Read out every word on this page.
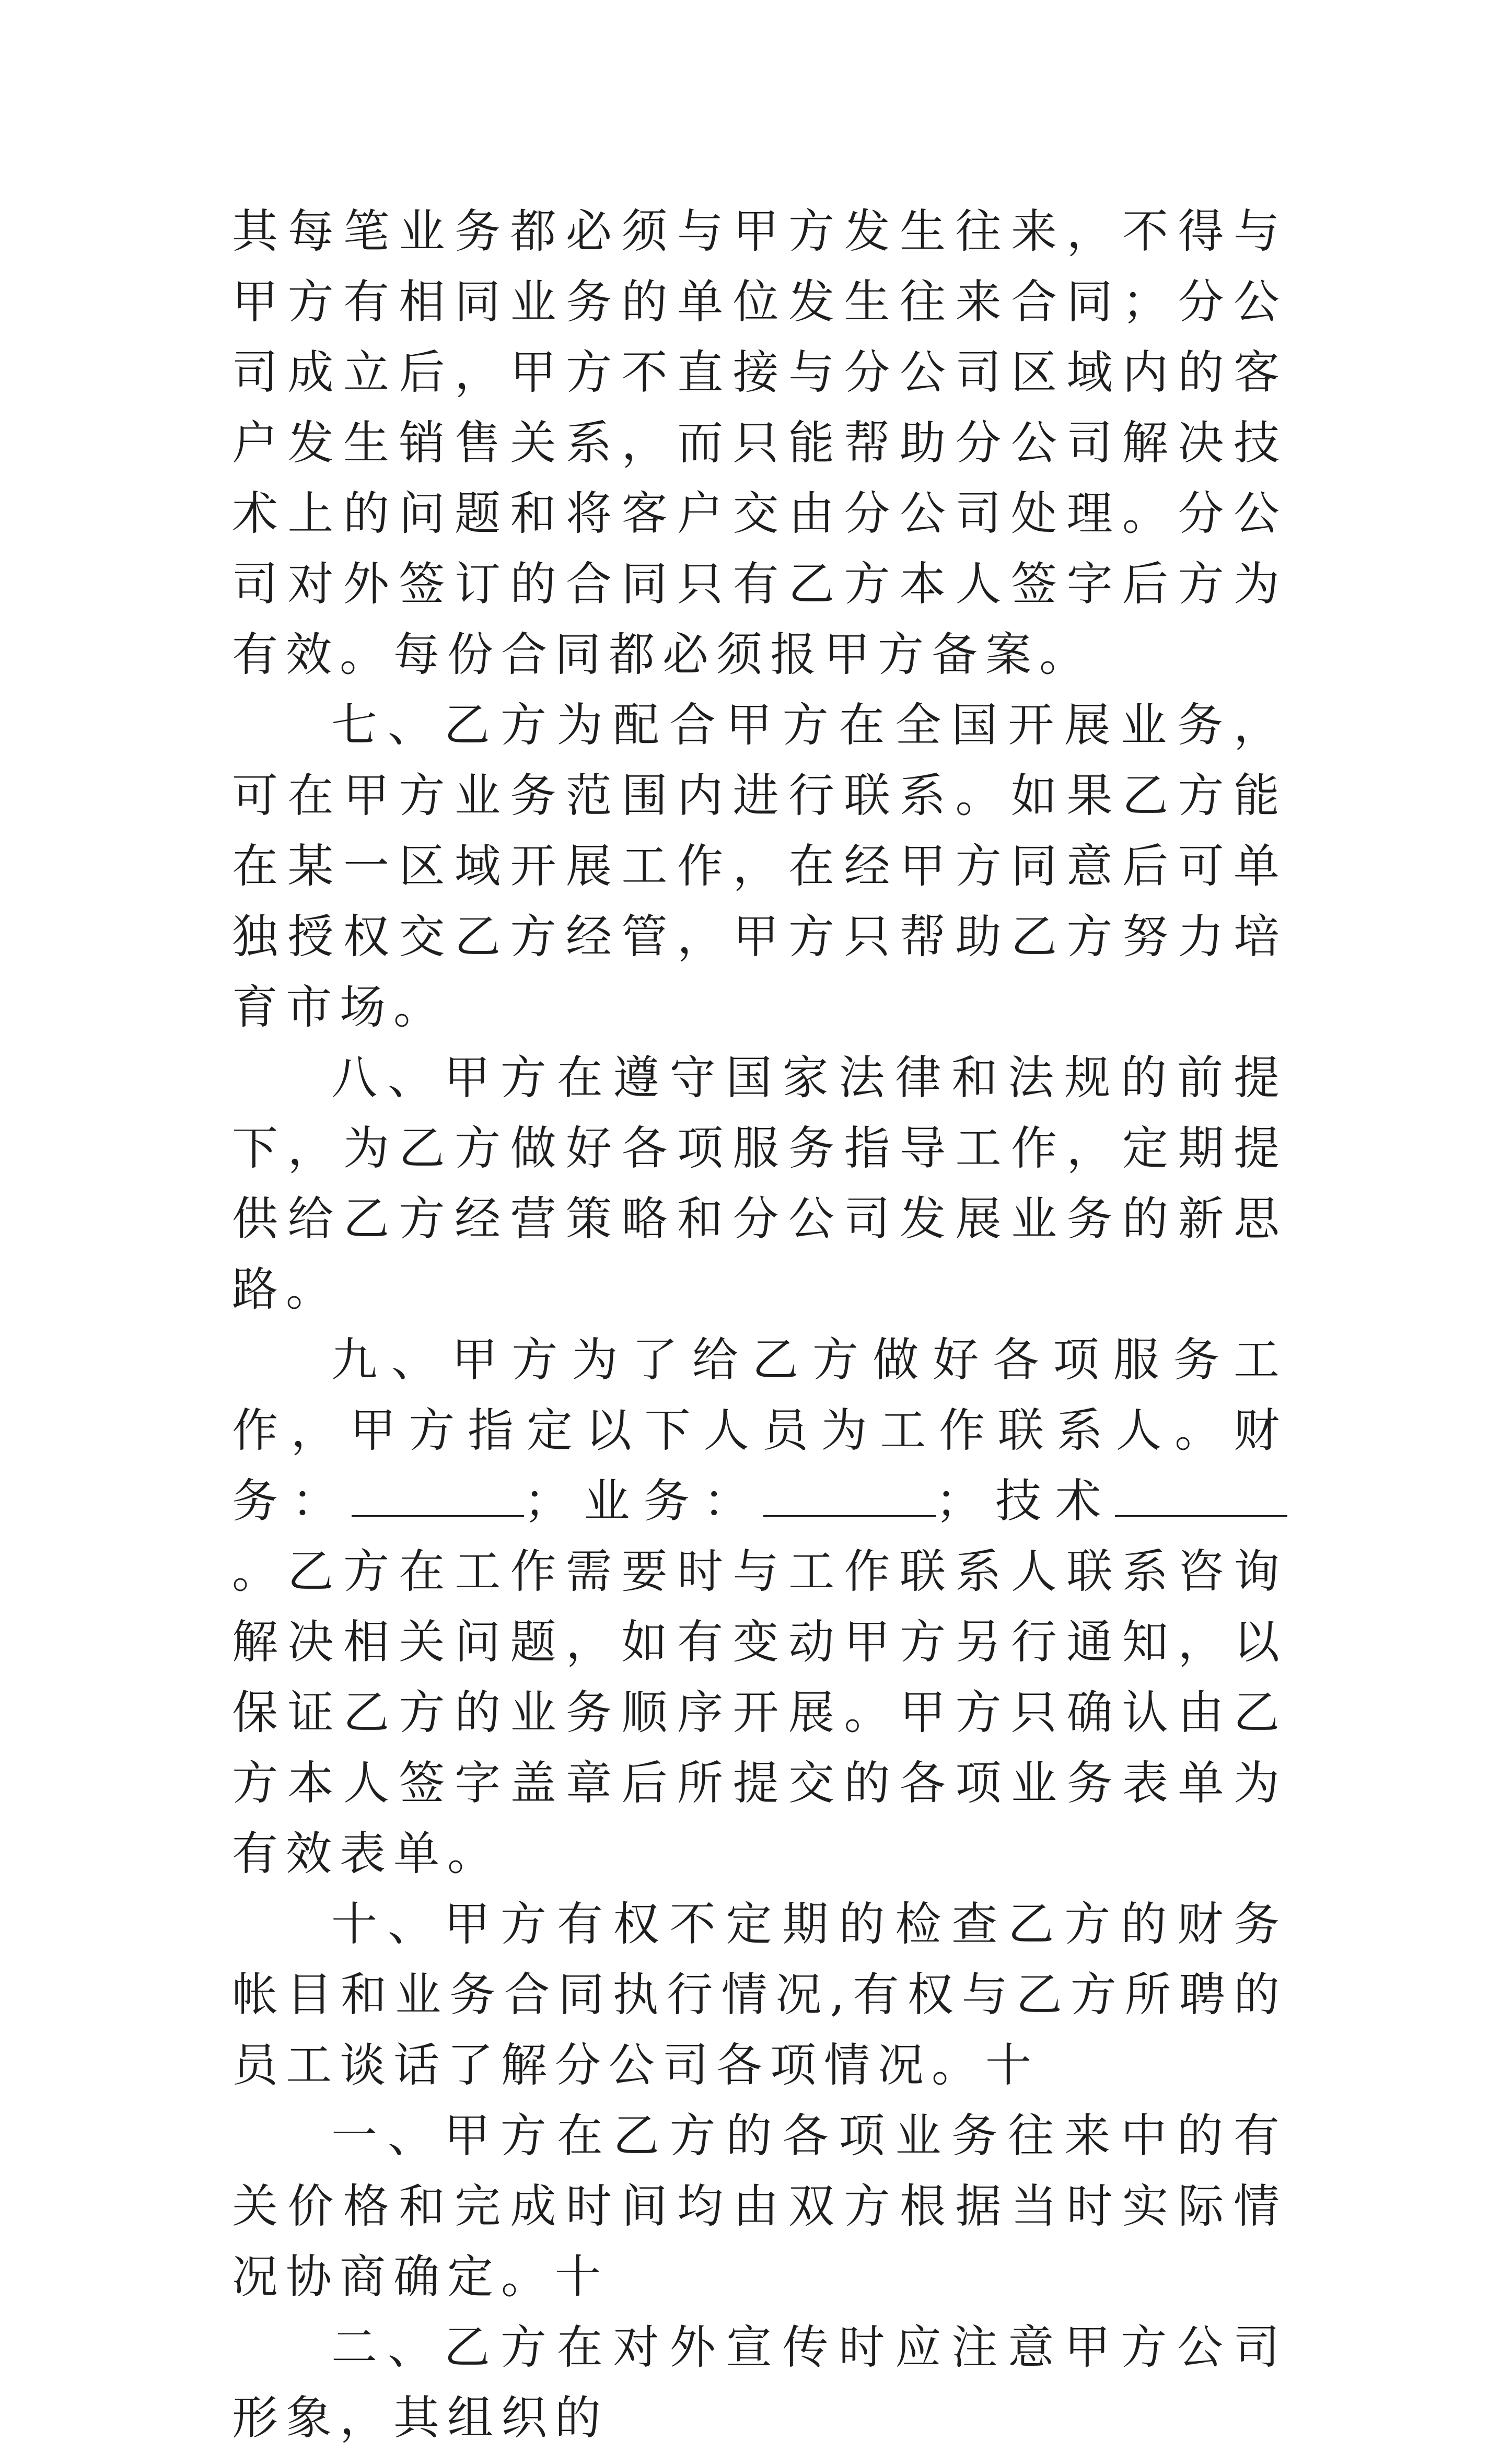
其每笔业务都必须与甲方发生往来，不得与甲方有相同业务的单位发生往来合同；分公司成立后，甲方不直接与分公司区域内的客户发生销售关系，而只能帮助分公司解决技术上的问题和将客户交由分公司处理。分公司对外签订的合同只有乙方本人签字后方为有效。每份合同都必须报甲方备案。

七、乙方为配合甲方在全国开展业务，可在甲方业务范围内进行联系。如果乙方能在某一区域开展工作，在经甲方同意后可单独授权交乙方经管，甲方只帮助乙方努力培育市场。

八、甲方在遵守国家法律和法规的前提下，为乙方做好各项服务指导工作，定期提供给乙方经营策略和分公司发展业务的新思路。

九、甲方为了给乙方做好各项服务工作，甲方指定以下人员为工作联系人。财务：	；业务：	；技术。乙方在工作需要时与工作联系人联系咨询解决相关问题，如有变动甲方另行通知，以保证乙方的业务顺序开展。甲方只确认由乙方本人签字盖章后所提交的各项业务表单为有效表单。

十、甲方有权不定期的检查乙方的财务帐目和业务合同执行情况,有权与乙方所聘的员工谈话了解分公司各项情况。十

一、甲方在乙方的各项业务往来中的有关价格和完成时间均由双方根据当时实际情况协商确定。十

二、乙方在对外宣传时应注意甲方公司形象，其组织的
